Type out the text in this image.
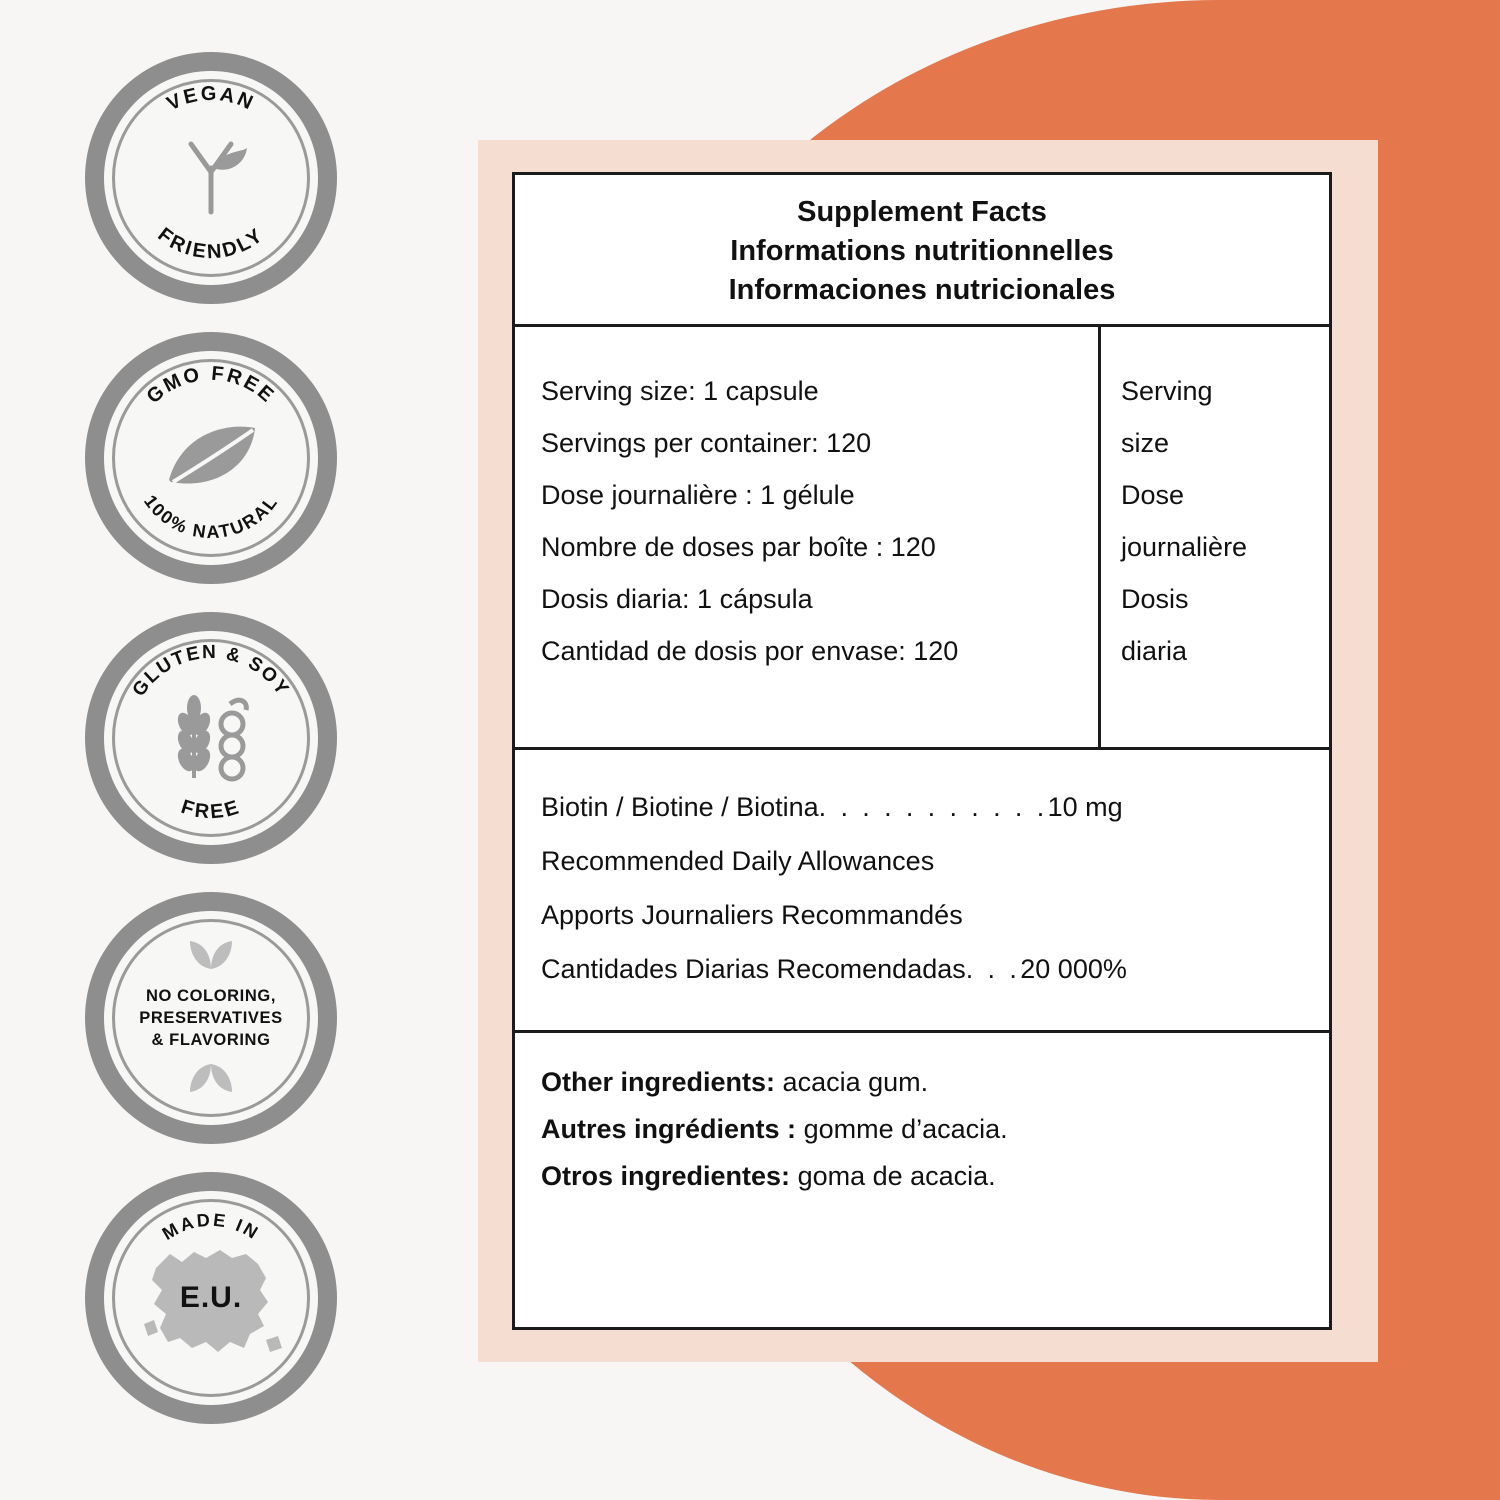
VEGAN
FRIENDLY
GMO FREE
100% NATURAL
GLUTEN & SOY
FREE
NO COLORING,
PRESERVATIVES
& FLAVORING
MADE IN
E.U.
Supplement Facts
Informations nutritionnelles
Informaciones nutricionales
Serving size: 1 capsule
Servings per container: 120
Dose journalière : 1 gélule
Nombre de doses par boîte : 120
Dosis diaria: 1 cápsula
Cantidad de dosis por envase: 120
Serving
size
Dose
journalière
Dosis
diaria
Biotin / Biotine / Biotina. . . . . . . . . . .10 mg
Recommended Daily Allowances
Apports Journaliers Recommandés
Cantidades Diarias Recomendadas. . .20 000%
Other ingredients: acacia gum.
Autres ingrédients : gomme d’acacia.
Otros ingredientes: goma de acacia.
